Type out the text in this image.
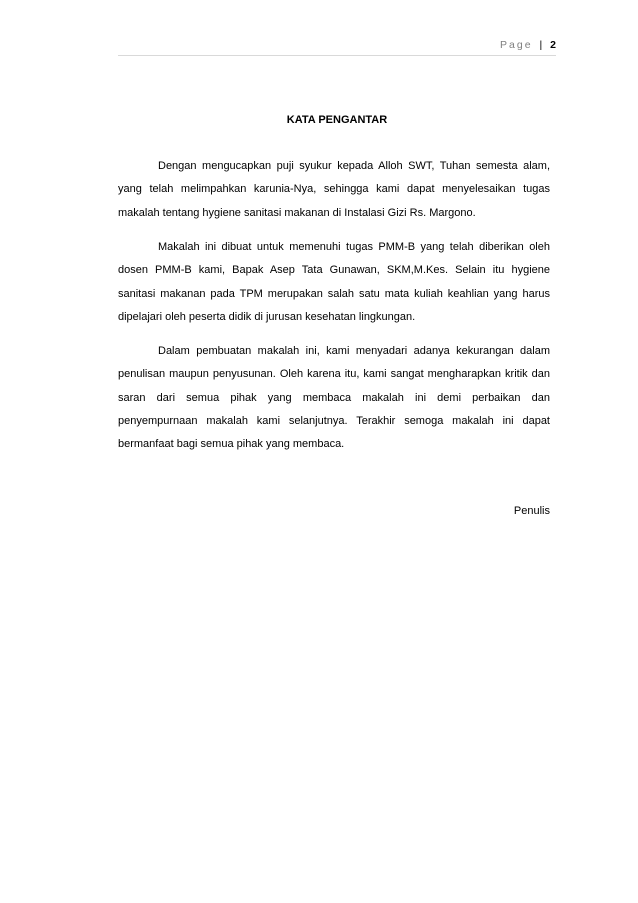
Page | 2
KATA PENGANTAR

Dengan mengucapkan puji syukur kepada Alloh SWT, Tuhan semesta alam, yang telah melimpahkan karunia-Nya, sehingga kami dapat menyelesaikan tugas makalah tentang hygiene sanitasi makanan di Instalasi Gizi Rs. Margono.

Makalah ini dibuat untuk memenuhi tugas PMM-B yang telah diberikan oleh dosen PMM-B kami, Bapak Asep Tata Gunawan, SKM,M.Kes. Selain itu hygiene sanitasi makanan pada TPM merupakan salah satu mata kuliah keahlian yang harus dipelajari oleh peserta didik di jurusan kesehatan lingkungan.

Dalam pembuatan makalah ini, kami menyadari adanya kekurangan dalam penulisan maupun penyusunan. Oleh karena itu, kami sangat mengharapkan kritik dan saran dari semua pihak yang membaca makalah ini demi perbaikan dan penyempurnaan makalah kami selanjutnya. Terakhir semoga makalah ini dapat bermanfaat bagi semua pihak yang membaca.

Penulis
